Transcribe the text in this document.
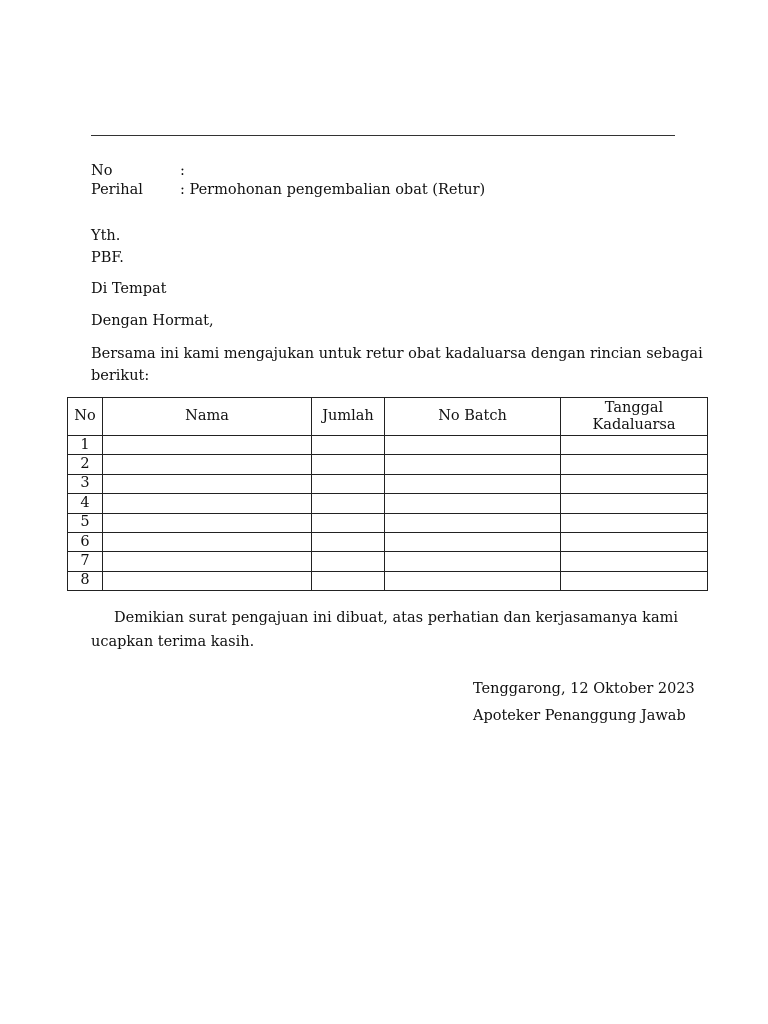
No	:
Perihal	: Permohonan pengembalian obat (Retur)
Yth.
PBF.
Di Tempat
Dengan Hormat,
Bersama ini kami mengajukan untuk retur obat kadaluarsa dengan rincian sebagai
berikut:
No	Nama	Jumlah	No Batch	Tanggal
Kadaluarsa

1				
2				
3				
4				
5				
6				
7				
8				
Demikian surat pengajuan ini dibuat, atas perhatian dan kerjasamanya kami ucapkan terima kasih.
Tenggarong, 12 Oktober 2023
Apoteker Penanggung Jawab
